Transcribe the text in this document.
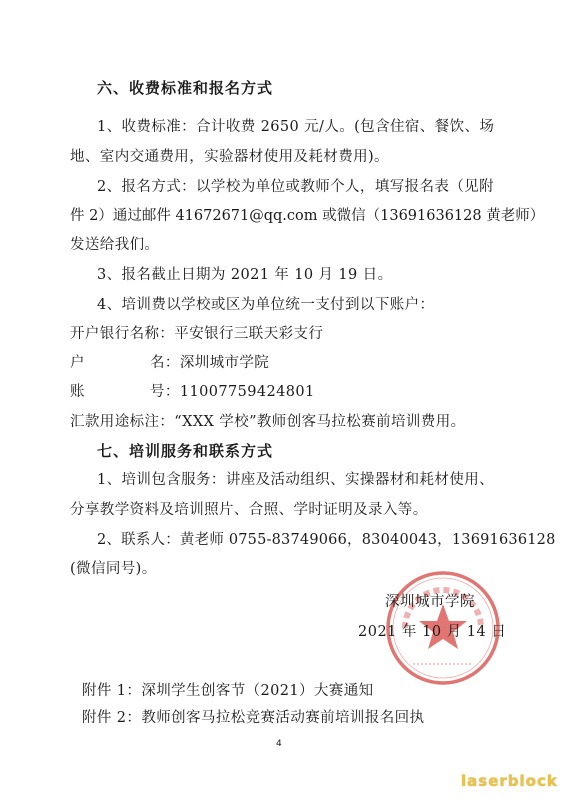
六、收费标准和报名方式
1、收费标准：合计收费 2650 元/人。(包含住宿、餐饮、场
地、室内交通费用，实验器材使用及耗材费用)。
2、报名方式：以学校为单位或教师个人，填写报名表（见附
件 2）通过邮件 41672671@qq.com 或微信（13691636128 黄老师）
发送给我们。
3、报名截止日期为 2021 年 10 月 19 日。
4、培训费以学校或区为单位统一支付到以下账户：
开户银行名称：平安银行三联天彩支行
户	名：深圳城市学院
账	号：11007759424801
汇款用途标注：“XXX 学校”教师创客马拉松赛前培训费用。
七、培训服务和联系方式
1、培训包含服务：讲座及活动组织、实操器材和耗材使用、
分享教学资料及培训照片、合照、学时证明及录入等。
2、联系人：黄老师 0755-83749066，83040043，13691636128
(微信同号)。
深圳城市学院
2021 年 10 月 14 日
附件 1：深圳学生创客节（2021）大赛通知
附件 2：教师创客马拉松竞赛活动赛前培训报名回执
4
laserblock
